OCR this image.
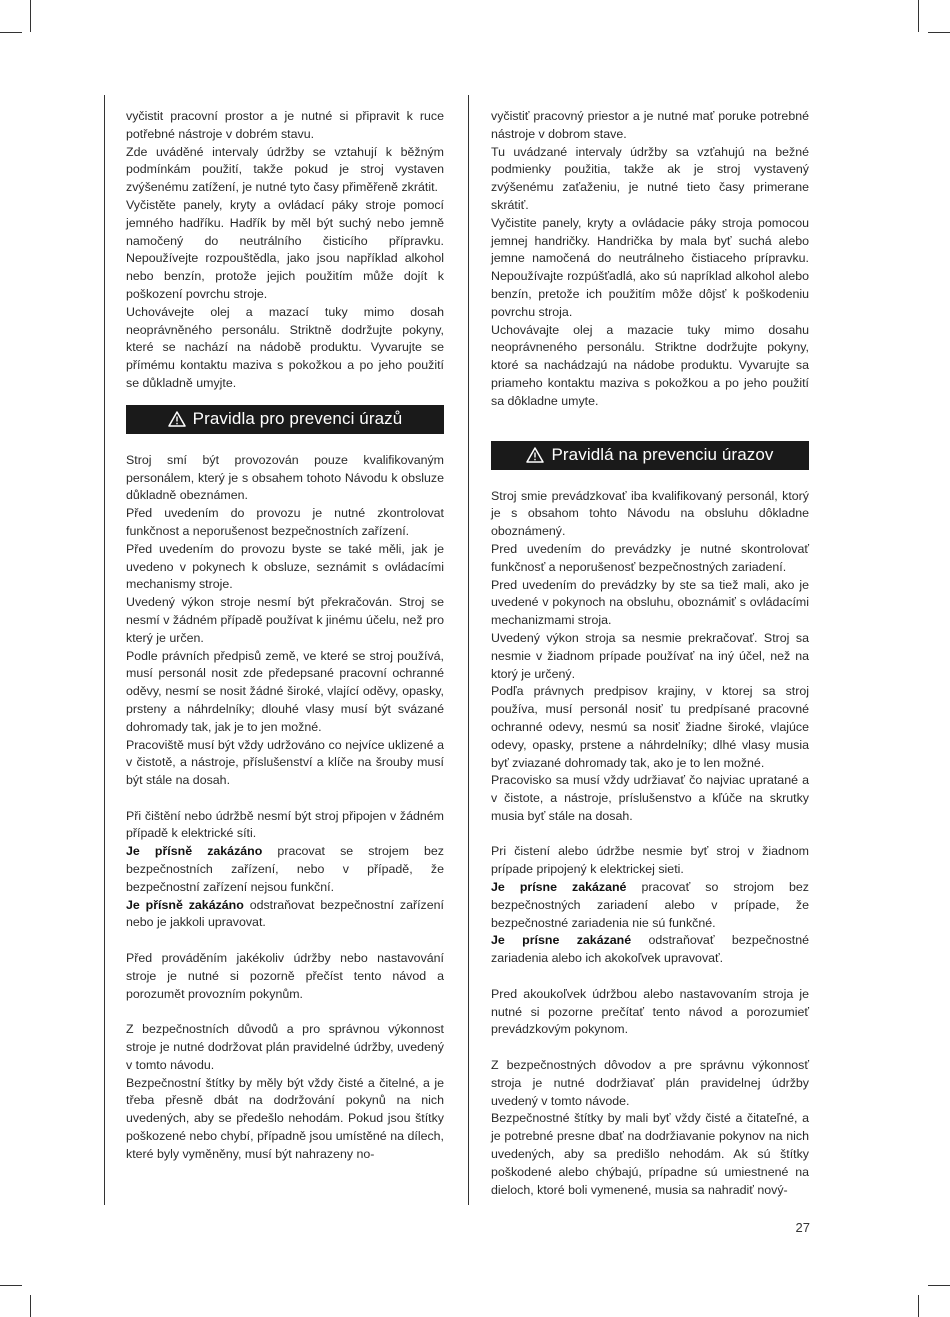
vyčistit pracovní prostor a je nutné si připravit k ruce potřebné nástroje v dobrém stavu.

Zde uváděné intervaly údržby se vztahují k běžným podmínkám použití, takže pokud je stroj vystaven zvýšenému zatížení, je nutné tyto časy přiměřeně zkrátit.

Vyčistěte panely, kryty a ovládací páky stroje pomocí jemného hadříku. Hadřík by měl být suchý nebo jemně namočený do neutrálního čisticího přípravku. Nepoužívejte rozpouštědla, jako jsou například alkohol nebo benzín, protože jejich použitím může dojít k poškození povrchu stroje.

Uchovávejte olej a mazací tuky mimo dosah neoprávněného personálu. Striktně dodržujte pokyny, které se nachází na nádobě produktu. Vyvarujte se přímému kontaktu maziva s pokožkou a po jeho použití se důkladně umyjte.

Pravidla pro prevenci úrazů

Stroj smí být provozován pouze kvalifikovaným personálem, který je s obsahem tohoto Návodu k obsluze důkladně obeznámen.

Před uvedením do provozu je nutné zkontrolovat funkčnost a neporušenost bezpečnostních zařízení.

Před uvedením do provozu byste se také měli, jak je uvedeno v pokynech k obsluze, seznámit s ovládacími mechanismy stroje.

Uvedený výkon stroje nesmí být překračován. Stroj se nesmí v žádném případě používat k jinému účelu, než pro který je určen.

Podle právních předpisů země, ve které se stroj používá, musí personál nosit zde předepsané pracovní ochranné oděvy, nesmí se nosit žádné široké, vlající oděvy, opasky, prsteny a náhrdelníky; dlouhé vlasy musí být svázané dohromady tak, jak je to jen možné.

Pracoviště musí být vždy udržováno co nejvíce uklizené a v čistotě, a nástroje, příslušenství a klíče na šrouby musí být stále na dosah.

Při čištění nebo údržbě nesmí být stroj připojen v žádném případě k elektrické síti.

Je přísně zakázáno pracovat se strojem bez bezpečnostních zařízení, nebo v případě, že bezpečnostní zařízení nejsou funkční.

Je přísně zakázáno odstraňovat bezpečnostní zařízení nebo je jakkoli upravovat.

Před prováděním jakékoliv údržby nebo nastavování stroje je nutné si pozorně přečíst tento návod a porozumět provozním pokynům.

Z bezpečnostních důvodů a pro správnou výkonnost stroje je nutné dodržovat plán pravidelné údržby, uvedený v tomto návodu.

Bezpečnostní štítky by měly být vždy čisté a čitelné, a je třeba přesně dbát na dodržování pokynů na nich uvedených, aby se předešlo nehodám. Pokud jsou štítky poškozené nebo chybí, případně jsou umístěné na dílech, které byly vyměněny, musí být nahrazeny no-

vyčistiť pracovný priestor a je nutné mať poruke potrebné nástroje v dobrom stave.

Tu uvádzané intervaly údržby sa vzťahujú na bežné podmienky použitia, takže ak je stroj vystavený zvýšenému zaťaženiu, je nutné tieto časy primerane skrátiť.

Vyčistite panely, kryty a ovládacie páky stroja pomocou jemnej handričky. Handrička by mala byť suchá alebo jemne namočená do neutrálneho čistiaceho prípravku. Nepoužívajte rozpúšťadlá, ako sú napríklad alkohol alebo benzín, pretože ich použitím môže dôjsť k poškodeniu povrchu stroja.

Uchovávajte olej a mazacie tuky mimo dosahu neoprávneného personálu. Striktne dodržujte pokyny, ktoré sa nachádzajú na nádobe produktu. Vyvarujte sa priameho kontaktu maziva s pokožkou a po jeho použití sa dôkladne umyte.

Pravidlá na prevenciu úrazov

Stroj smie prevádzkovať iba kvalifikovaný personál, ktorý je s obsahom tohto Návodu na obsluhu dôkladne oboznámený.

Pred uvedením do prevádzky je nutné skontrolovať funkčnosť a neporušenosť bezpečnostných zariadení.

Pred uvedením do prevádzky by ste sa tiež mali, ako je uvedené v pokynoch na obsluhu, oboznámiť s ovládacími mechanizmami stroja.

Uvedený výkon stroja sa nesmie prekračovať. Stroj sa nesmie v žiadnom prípade používať na iný účel, než na ktorý je určený.

Podľa právnych predpisov krajiny, v ktorej sa stroj používa, musí personál nosiť tu predpísané pracovné ochranné odevy, nesmú sa nosiť žiadne široké, vlajúce odevy, opasky, prstene a náhrdelníky; dlhé vlasy musia byť zviazané dohromady tak, ako je to len možné.

Pracovisko sa musí vždy udržiavať čo najviac upratané a v čistote, a nástroje, príslušenstvo a kľúče na skrutky musia byť stále na dosah.

Pri čistení alebo údržbe nesmie byť stroj v žiadnom prípade pripojený k elektrickej sieti.

Je prísne zakázané pracovať so strojom bez bezpečnostných zariadení alebo v prípade, že bezpečnostné zariadenia nie sú funkčné.

Je prísne zakázané odstraňovať bezpečnostné zariadenia alebo ich akokoľvek upravovať.

Pred akoukoľvek údržbou alebo nastavovaním stroja je nutné si pozorne prečítať tento návod a porozumieť prevádzkovým pokynom.

Z bezpečnostných dôvodov a pre správnu výkonnosť stroja je nutné dodržiavať plán pravidelnej údržby uvedený v tomto návode.

Bezpečnostné štítky by mali byť vždy čisté a čitateľné, a je potrebné presne dbať na dodržiavanie pokynov na nich uvedených, aby sa predišlo nehodám. Ak sú štítky poškodené alebo chýbajú, prípadne sú umiestnené na dieloch, ktoré boli vymenené, musia sa nahradiť nový-

27
